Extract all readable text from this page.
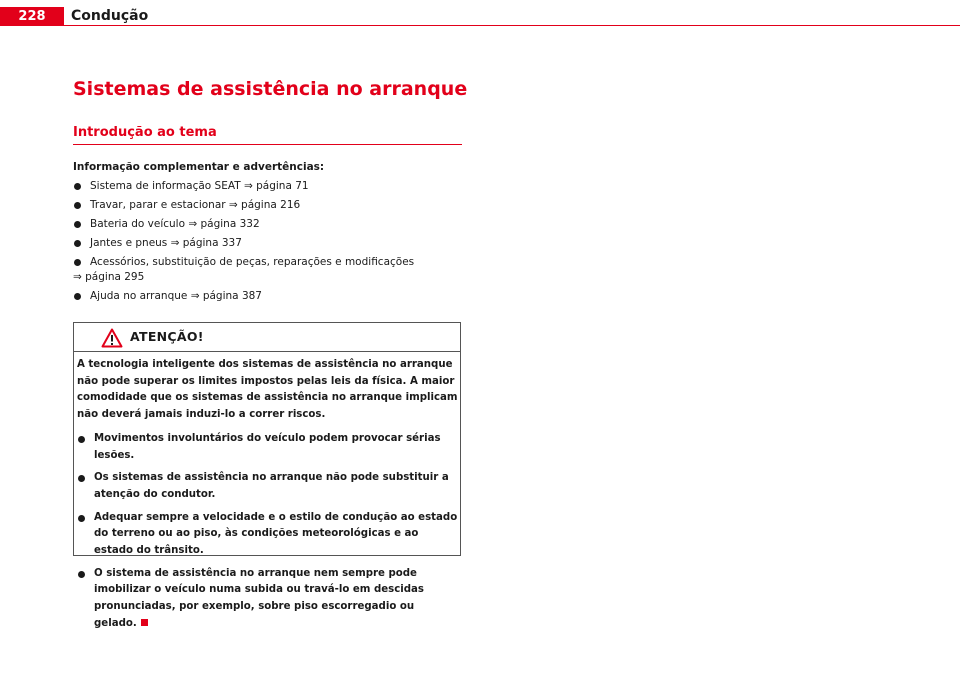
228	Condução
Sistemas de assistência no arranque
Introdução ao tema
Informação complementar e advertências:
Sistema de informação SEAT ⇒ página 71
Travar, parar e estacionar ⇒ página 216
Bateria do veículo ⇒ página 332
Jantes e pneus ⇒ página 337
Acessórios, substituição de peças, reparações e modificações
⇒ página 295
Ajuda no arranque ⇒ página 387
ATENÇÃO!

A tecnologia inteligente dos sistemas de assistência no arranque não pode superar os limites impostos pelas leis da física. A maior comodidade que os sistemas de assistência no arranque implicam não deverá jamais induzi-lo a correr riscos.

Movimentos involuntários do veículo podem provocar sérias lesões.

Os sistemas de assistência no arranque não pode substituir a atenção do condutor.

Adequar sempre a velocidade e o estilo de condução ao estado do terreno ou ao piso, às condições meteorológicas e ao estado do trânsito.

O sistema de assistência no arranque nem sempre pode imobilizar o veículo numa subida ou travá-lo em descidas pronunciadas, por exemplo, sobre piso escorregadio ou gelado.
